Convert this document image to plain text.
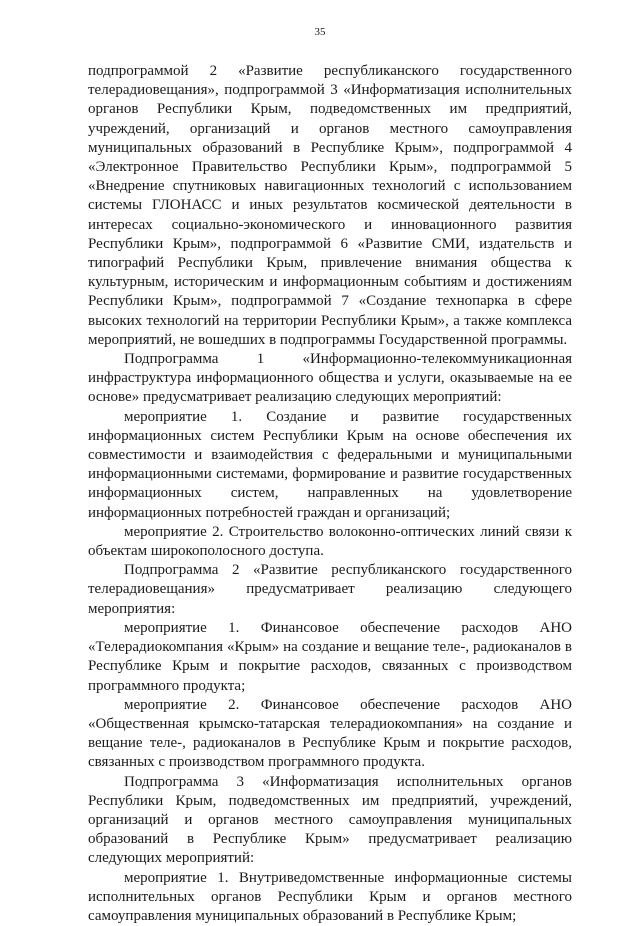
35

подпрограммой 2 «Развитие республиканского государственного телерадиовещания», подпрограммой 3 «Информатизация исполнительных органов Республики Крым, подведомственных им предприятий, учреждений, организаций и органов местного самоуправления муниципальных образований в Республике Крым», подпрограммой 4 «Электронное Правительство Республики Крым», подпрограммой 5 «Внедрение спутниковых навигационных технологий с использованием системы ГЛОНАСС и иных результатов космической деятельности в интересах социально-экономического и инновационного развития Республики Крым», подпрограммой 6 «Развитие СМИ, издательств и типографий Республики Крым, привлечение внимания общества к культурным, историческим и информационным событиям и достижениям Республики Крым», подпрограммой 7 «Создание технопарка в сфере высоких технологий на территории Республики Крым», а также комплекса мероприятий, не вошедших в подпрограммы Государственной программы.

Подпрограмма 1 «Информационно-телекоммуникационная инфраструктура информационного общества и услуги, оказываемые на ее основе» предусматривает реализацию следующих мероприятий:

мероприятие 1. Создание и развитие государственных информационных систем Республики Крым на основе обеспечения их совместимости и взаимодействия с федеральными и муниципальными информационными системами, формирование и развитие государственных информационных систем, направленных на удовлетворение информационных потребностей граждан и организаций;

мероприятие 2. Строительство волоконно-оптических линий связи к объектам широкополосного доступа.

Подпрограмма 2 «Развитие республиканского государственного телерадиовещания» предусматривает реализацию следующего мероприятия:

мероприятие 1. Финансовое обеспечение расходов АНО «Телерадиокомпания «Крым» на создание и вещание теле-, радиоканалов в Республике Крым и покрытие расходов, связанных с производством программного продукта;

мероприятие 2. Финансовое обеспечение расходов АНО «Общественная крымско-татарская телерадиокомпания» на создание и вещание теле-, радиоканалов в Республике Крым и покрытие расходов, связанных с производством программного продукта.

Подпрограмма 3 «Информатизация исполнительных органов Республики Крым, подведомственных им предприятий, учреждений, организаций и органов местного самоуправления муниципальных образований в Республике Крым» предусматривает реализацию следующих мероприятий:

мероприятие 1. Внутриведомственные информационные системы исполнительных органов Республики Крым и органов местного самоуправления муниципальных образований в Республике Крым;
